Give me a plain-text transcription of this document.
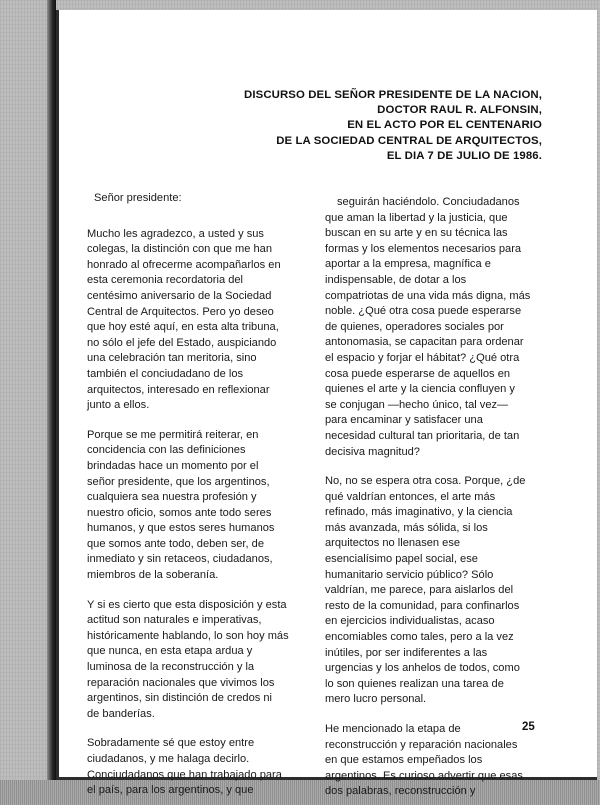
DISCURSO DEL SEÑOR PRESIDENTE DE LA NACION,
DOCTOR RAUL R. ALFONSIN,
EN EL ACTO POR EL CENTENARIO
DE LA SOCIEDAD CENTRAL DE ARQUITECTOS,
EL DIA 7 DE JULIO DE 1986.

Señor presidente:

Mucho les agradezco, a usted y sus
colegas, la distinción con que me han
honrado al ofrecerme acompañarlos en
esta ceremonia recordatoria del
centésimo aniversario de la Sociedad
Central de Arquitectos. Pero yo deseo
que hoy esté aquí, en esta alta tribuna,
no sólo el jefe del Estado, auspiciando
una celebración tan meritoria, sino
también el conciudadano de los
arquitectos, interesado en reflexionar
junto a ellos.

Porque se me permitirá reiterar, en
concidencia con las definiciones
brindadas hace un momento por el
señor presidente, que los argentinos,
cualquiera sea nuestra profesión y
nuestro oficio, somos ante todo seres
humanos, y que estos seres humanos
que somos ante todo, deben ser, de
inmediato y sin retaceos, ciudadanos,
miembros de la soberanía.

Y si es cierto que esta disposición y esta
actitud son naturales e imperativas,
históricamente hablando, lo son hoy más
que nunca, en esta etapa ardua y
luminosa de la reconstrucción y la
reparación nacionales que vivimos los
argentinos, sin distinción de credos ni
de banderías.

Sobradamente sé que estoy entre
ciudadanos, y me halaga decirlo.
Conciudadanos que han trabajado para
el país, para los argentinos, y que

seguirán haciéndolo. Conciudadanos

que aman la libertad y la justicia, que
buscan en su arte y en su técnica las
formas y los elementos necesarios para
aportar a la empresa, magnífica e
indispensable, de dotar a los
compatriotas de una vida más digna, más
noble. ¿Qué otra cosa puede esperarse
de quienes, operadores sociales por
antonomasia, se capacitan para ordenar
el espacio y forjar el hábitat? ¿Qué otra
cosa puede esperarse de aquellos en
quienes el arte y la ciencia confluyen y
se conjugan —hecho único, tal vez—
para encaminar y satisfacer una
necesidad cultural tan prioritaria, de tan
decisiva magnitud?

No, no se espera otra cosa. Porque, ¿de
qué valdrían entonces, el arte más
refinado, más imaginativo, y la ciencia
más avanzada, más sólida, si los
arquitectos no llenasen ese
esencialísimo papel social, ese
humanitario servicio público? Sólo
valdrían, me parece, para aislarlos del
resto de la comunidad, para confinarlos
en ejercicios individualistas, acaso
encomiables como tales, pero a la vez
inútiles, por ser indiferentes a las
urgencias y los anhelos de todos, como
lo son quienes realizan una tarea de
mero lucro personal.

He mencionado la etapa de
reconstrucción y reparación nacionales
en que estamos empeñados los
argentinos. Es curioso advertir que esas
dos palabras, reconstrucción y

25
